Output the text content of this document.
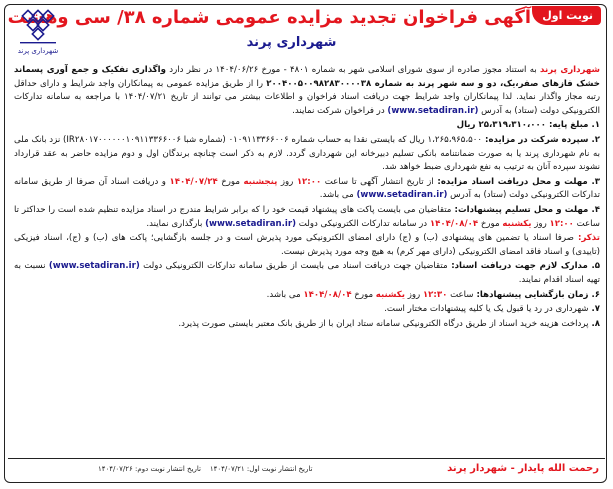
نوبت اول
آگهی فراخوان تجدید مزایده عمومی شماره ۳۸/ سی وهشت
شهرداری پرند
شهرداری پرند

شهرداری پرند به استناد مجوز صادره از سوی شورای اسلامی شهر به شماره ۴۸۰۱ - مورخ ۱۴۰۴/۰۶/۲۶ در نظر دارد واگذاری تفکیک و جمع آوری پسماند خشک فازهای صفر،یک، دو و سه شهر پرند به شماره ۲۰۰۴۰۰۵۰۰۹۸۲۸۳۰۰۰۰۳۸ را از طریق مزایده عمومی به پیمانکاران واجد شرایط و دارای حداقل رتبه مجاز واگذار نماید. لذا پیمانکاران واجد شرایط جهت دریافت اسناد فراخوان و اطلاعات بیشتر می توانند از تاریخ ۱۴۰۴/۰۷/۲۱ با مراجعه به سامانه تدارکات الکترونیکی دولت (ستاد) به آدرس (www.setadiran.ir) در فراخوان شرکت نمایند.

۱. مبلغ پایه: ۲۵،۳۱۹،۳۱۰،۰۰۰ ریال

۲. سپرده شرکت در مزایده: ۱،۲۶۵،۹۶۵،۵۰۰ ریال که بایستی نقدا به حساب شماره ۰۱۰۹۱۱۳۳۶۶۰۰۶ (شماره شبا IR۲۸۰۱۷۰۰۰۰۰۰۱۰۹۱۱۳۳۶۶۰۰۶) نزد بانک ملی به نام شهرداری پرند یا به صورت ضمانتنامه بانکی تسلیم دبیرخانه این شهرداری گردد. لازم به ذکر است چنانچه برندگان اول و دوم مزایده حاضر به عقد قرارداد نشوند سپرده آنان به ترتیب به نفع شهرداری ضبط خواهد شد.

۳. مهلت و محل دریافت اسناد مزایده: از تاریخ انتشار آگهی تا ساعت ۱۲:۰۰ روز پنجشنبه مورخ ۱۴۰۴/۰۷/۲۴ و دریافت اسناد آن صرفا از طریق سامانه تدارکات الکترونیکی دولت (ستاد) به آدرس (www.setadiran.ir) می باشد.

۴. مهلت و محل تسلیم پیشنهادات: متقاضیان می بایست پاکت های پیشنهاد قیمت خود را که برابر شرایط مندرج در اسناد مزایده تنظیم شده است را حداکثر تا ساعت ۱۲:۰۰ روز یکشنبه مورخ ۱۴۰۴/۰۸/۰۴ در سامانه تدارکات الکترونیکی دولت (www.setadiran.ir) بارگذاری نمایند.

تذکر: صرفا اسناد یا تضمین های پیشنهادی (ب) و (ج) دارای امضای الکترونیکی مورد پذیرش است و در جلسه بازگشایی؛ پاکت های (ب) و (ج)، اسناد فیزیکی (تاییدی) و اسناد فاقد امضای الکترونیکی (دارای مهر کرم) به هیچ وجه مورد پذیرش نیست.

۵. مدارک لازم جهت دریافت اسناد: متقاضیان جهت دریافت اسناد می بایست از طریق سامانه تدارکات الکترونیکی دولت (www.setadiran.ir) نسبت به تهیه اسناد اقدام نمایند.

۶. زمان بازگشایی پیشنهادها: ساعت ۱۲:۳۰ روز یکشنبه مورخ ۱۴۰۴/۰۸/۰۴ می باشد.

۷. شهرداری در رد یا قبول یک یا کلیه پیشنهادات مختار است.

۸. پرداخت هزینه خرید اسناد از طریق درگاه الکترونیکی سامانه ستاد ایران با از طریق بانک معتبر بایستی صورت پذیرد.

رحمت الله پایدار - شهردار پرند
تاریخ انتشار نوبت اول: ۱۴۰۴/۰۷/۲۱    تاریخ انتشار نوبت دوم: ۱۴۰۴/۰۷/۲۶
